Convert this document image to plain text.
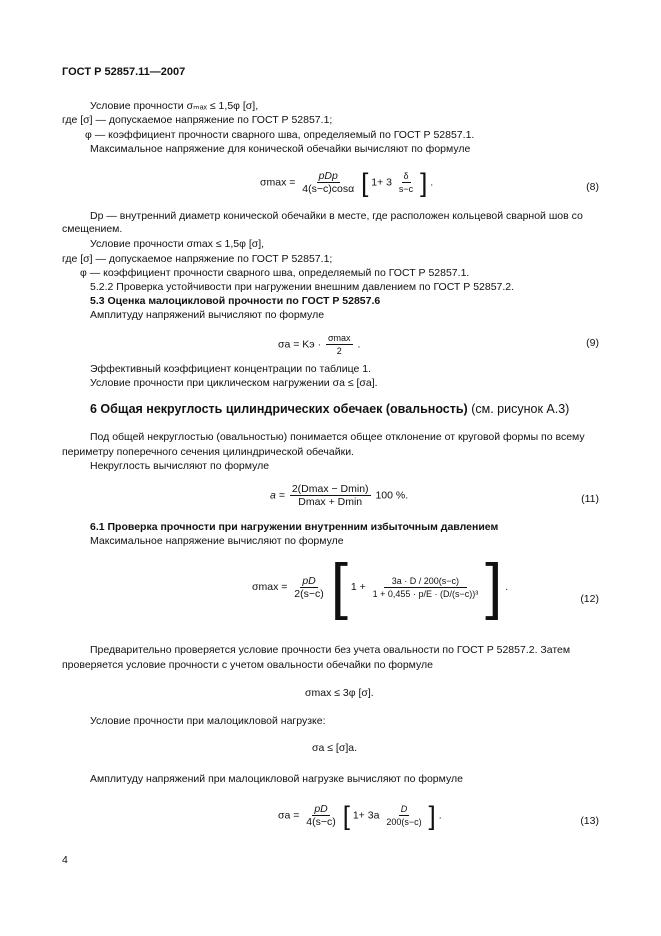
ГОСТ Р 52857.11—2007
Условие прочности σₘₐₓ ≤ 1,5φ [σ],
где [σ] — допускаемое напряжение по ГОСТ Р 52857.1;
φ — коэффициент прочности сварного шва, определяемый по ГОСТ Р 52857.1.
Максимальное напряжение для конической обечайки вычисляют по формуле
$\sigma\max = \frac{\text{pDp}}{4(s-c)\cos\alpha}$ [ $1+ 3 \frac{\delta}{s-c}$ ] .	(8)
Dp — внутренний диаметр конической обечайки в месте, где расположен кольцевой сварной шов со
смещением.
Условие прочности σmax ≤ 1,5φ [σ],
где [σ] — допускаемое напряжение по ГОСТ Р 52857.1;
φ — коэффициент прочности сварного шва, определяемый по ГОСТ Р 52857.1.
5.2.2 Проверка устойчивости при нагружении внешним давлением по ГОСТ Р 52857.2.
5.3 Оценка малоцикловой прочности по ГОСТ Р 52857.6
Амплитуду напряжений вычисляют по формуле
σa = Kэ · $\frac{\sigma\max}{2}$ .	(9)
Эффективный коэффициент концентрации по таблице 1.
Условие прочности при циклическом нагружении σa ≤ [σa].
6 Общая некруглость цилиндрических обечаек (овальность) (см. рисунок А.3)
Под общей некруглостью (овальностью) понимается общее отклонение от круговой формы по всему
периметру поперечного сечения цилиндрической обечайки.
Некруглость вычисляют по формуле
$a = \frac{2(Dmax - Dmin)}{Dmax + Dmin} 100$ %.	(11)
6.1 Проверка прочности при нагружении внутренним избыточным давлением
Максимальное напряжение вычисляют по формуле
$\sigma\max = \frac{pD}{2(s-c)}$ [ $1 + \frac{3a \cdot D / 200(s-c)}{\text{1 + 0,455 · p/E · (D/(s−c))³}}$ ] .
(12)
Предварительно проверяется условие прочности без учета овальности по ГОСТ Р 52857.2. Затем
проверяется условие прочности с учетом овальности обечайки по формуле
σmax ≤ 3φ [σ].
Условие прочности при малоцикловой нагрузке:
σa ≤ [σ]a.
Амплитуду напряжений при малоцикловой нагрузке вычисляют по формуле
$\sigma a = \frac{pD}{4(s-c)}$ [ $1+ 3a \frac{D}{200(s-c)}$ ] .	(13)
4
